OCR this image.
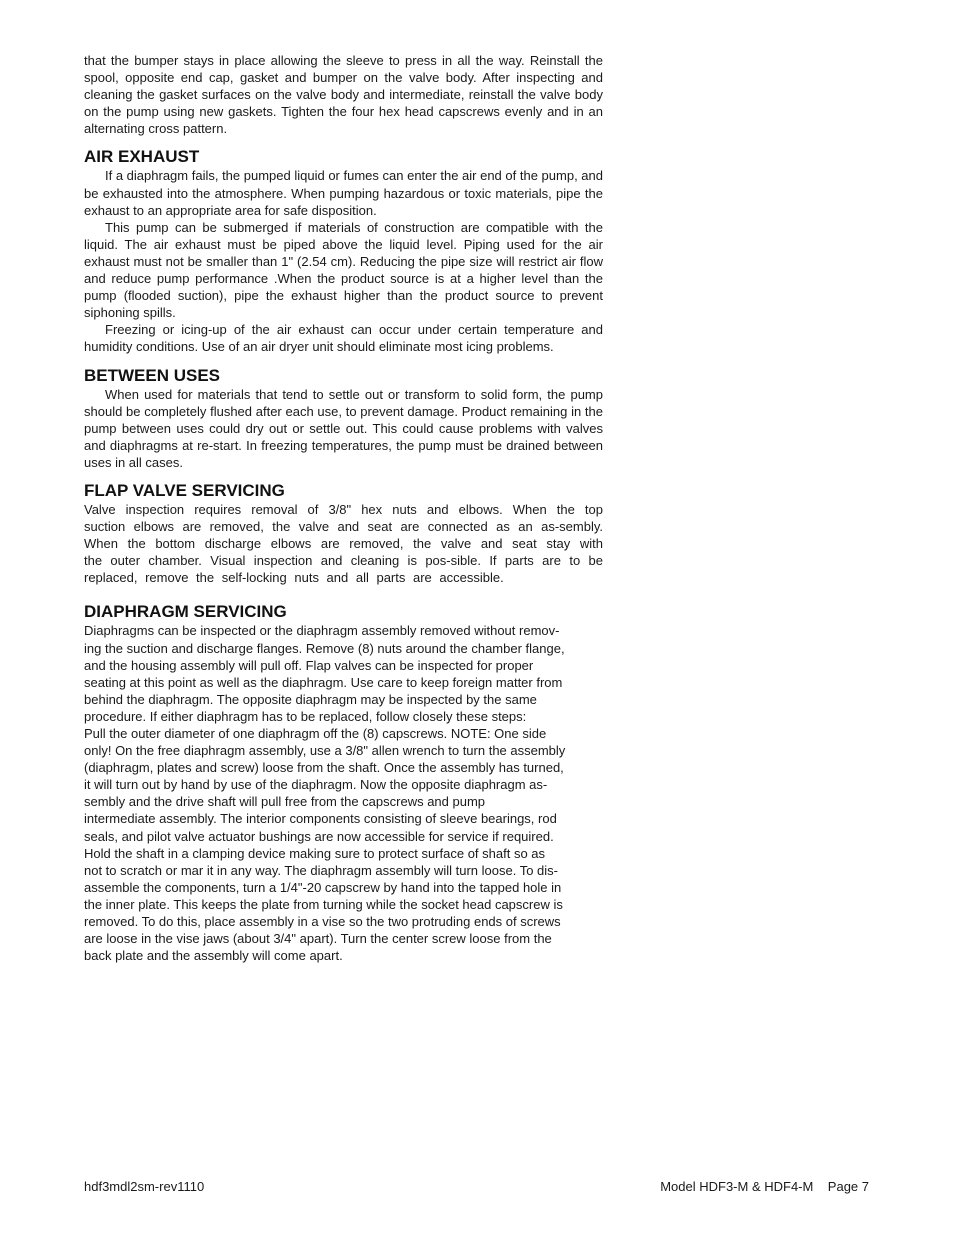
that the bumper stays in place allowing the sleeve to press in all the way. Reinstall the spool, opposite end cap, gasket and bumper on the valve body. After inspecting and cleaning the gasket surfaces on the valve body and intermediate, reinstall the valve body on the pump using new gaskets. Tighten the four hex head capscrews evenly and in an alternating cross pattern.

AIR EXHAUST

If a diaphragm fails, the pumped liquid or fumes can enter the air end of the pump, and be exhausted into the atmosphere. When pumping hazardous or toxic materials, pipe the exhaust to an appropriate area for safe disposition.

This pump can be submerged if materials of construction are compatible with the liquid. The air exhaust must be piped above the liquid level. Piping used for the air exhaust must not be smaller than 1" (2.54 cm). Reducing the pipe size will restrict air flow and reduce pump performance .When the product source is at a higher level than the pump (flooded suction), pipe the exhaust higher than the product source to prevent siphoning spills.

Freezing or icing-up of the air exhaust can occur under certain temperature and humidity conditions. Use of an air dryer unit should eliminate most icing problems.

BETWEEN USES

When used for materials that tend to settle out or transform to solid form, the pump should be completely flushed after each use, to prevent damage. Product remaining in the pump between uses could dry out or settle out. This could cause problems with valves and diaphragms at re-start. In freezing temperatures, the pump must be drained between uses in all cases.

FLAP VALVE SERVICING

Valve inspection requires removal of 3/8" hex nuts and elbows. When the top suction elbows are removed, the valve and seat are connected as an as-sembly. When the bottom discharge elbows are removed, the valve and seat stay with the outer chamber. Visual inspection and cleaning is pos-sible. If parts are to be replaced, remove the self-locking nuts and all parts are accessible.

DIAPHRAGM SERVICING
Diaphragms can be inspected or the diaphragm assembly removed without remov-
ing the suction and discharge flanges. Remove (8) nuts around the chamber flange,
and the housing assembly will pull off. Flap valves can be inspected for proper
seating at this point as well as the diaphragm. Use care to keep foreign matter from
behind the diaphragm. The opposite diaphragm may be inspected by the same
procedure. If either diaphragm has to be replaced, follow closely these steps:
Pull the outer diameter of one diaphragm off the (8) capscrews. NOTE: One side
only! On the free diaphragm assembly, use a 3/8" allen wrench to turn the assembly
(diaphragm, plates and screw) loose from the shaft. Once the assembly has turned,
it will turn out by hand by use of the diaphragm. Now the opposite diaphragm as-
sembly and the drive shaft will pull free from the capscrews and pump
intermediate assembly. The interior components consisting of sleeve bearings, rod
seals, and pilot valve actuator bushings are now accessible for service if required.
Hold the shaft in a clamping device making sure to protect surface of shaft so as
not to scratch or mar it in any way. The diaphragm assembly will turn loose. To dis-
assemble the components, turn a 1/4"-20 capscrew by hand into the tapped hole in
the inner plate. This keeps the plate from turning while the socket head capscrew is
removed. To do this, place assembly in a vise so the two protruding ends of screws
are loose in the vise jaws (about 3/4" apart). Turn the center screw loose from the
back plate and the assembly will come apart.
hdf3mdl2sm-rev1110	Model HDF3-M & HDF4-M    Page 7
